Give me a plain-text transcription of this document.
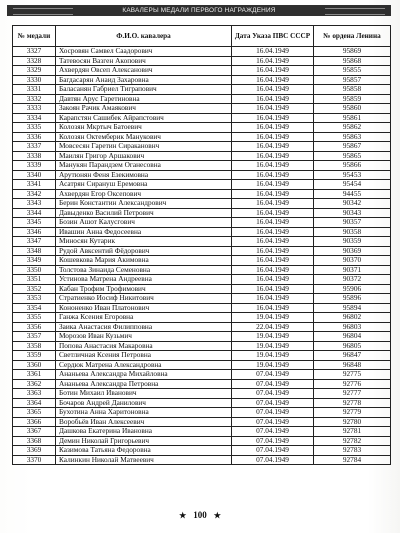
КАВАЛЕРЫ МЕДАЛИ ПЕРВОГО НАГРАЖДЕНИЯ
№ медали	Ф.И.О. кавалера	Дата Указа ПВС СССР	№ ордена Ленина
3327	Хосровян Самвел Саадорович	16.04.1949	95869
3328	Татевосян Вазген Акопович	16.04.1949	95868
3329	Ахвердян Овсеп Алексанович	16.04.1949	95855
3330	Багдасарян Анаид Захаровна	16.04.1949	95857
3331	Баласанян Габриел Тиграпович	16.04.1949	95858
3332	Давтян Арус Гаретиновна	16.04.1949	95859
3333	Закоян Рачик Амаякович	16.04.1949	95860
3334	Карапстян Сашибек Айрапстович	16.04.1949	95861
3335	Колозян Мкртыч Батоевич	16.04.1949	95862
3336	Колозян Октемберик Манукович	16.04.1949	95863
3337	Мовсесян Гаретин Сиракановнч	16.04.1949	95867
3338	Маилян Григор Аршакович	16.04.1949	95865
3339	Манукян Парандзем Оганесовна	16.04.1949	95866
3340	Арутюнян Феня Езекимовна	16.04.1949	95453
3341	Асатрян Сирануш Еремовна	16.04.1949	95454
3342	Ахвердян Егор Оксепович	16.04.1949	94455
3343	Берин Константин Александрович	16.04.1949	90342
3344	Давыденко Василий Петрович	16.04.1949	90343
3345	Бозин Ашот Калусгович	16.04.1949	90357
3346	Ивашин Анна Федосеевна	16.04.1949	90358
3347	Миносян Кутарик	16.04.1949	90359
3348	Рудой Авксентий Фёдорович	16.04.1949	90369
3349	Кошевкова Мария Акимовна	16.04.1949	90370
3350	Толстова Зинаида Семеновна	16.04.1949	90371
3351	Устинова Матрена Андреевна	16.04.1949	90372
3352	Кабан Трофим Трофимович	16.04.1949	95906
3353	Стратиенко Иосиф Никитович	16.04.1949	95896
3354	Кононенко Иван Платонович	16.04.1949	95894
3355	Ганжа Ксения Егоровна	19.04.1949	96802
3356	Заика Анастасия Филипповна	22.04.1949	96803
3357	Морозов Иван Кузьмич	19.04.1949	96804
3358	Попова Анастасия Макаровна	19.04.1949	96805
3359	Светличная Ксения Петровна	19.04.1949	96847
3360	Сердюк Матрена Александровна	19.04.1949	96848
3361	Ананьева Александра Михайловна	07.04.1949	92775
3362	Ананьева Александра Петровна	07.04.1949	92776
3363	Ботин Михаил Иванович	07.04.1949	92777
3364	Бочаров Андрей Данилович	07.04.1949	92778
3365	Бухотина Анна Харитоновна	07.04.1949	92779
3366	Воробьёв Иван Алексеевич	07.04.1949	92780
3367	Дашкова Екатерина Ивановна	07.04.1949	92781
3368	Демин Николай Григорьевич	07.04.1949	92782
3369	Казимова Татьяна Федоровна	07.04.1949	92783
3370	Калинкин Николай Матвеевич	07.04.1949	92784
★ 100 ★
